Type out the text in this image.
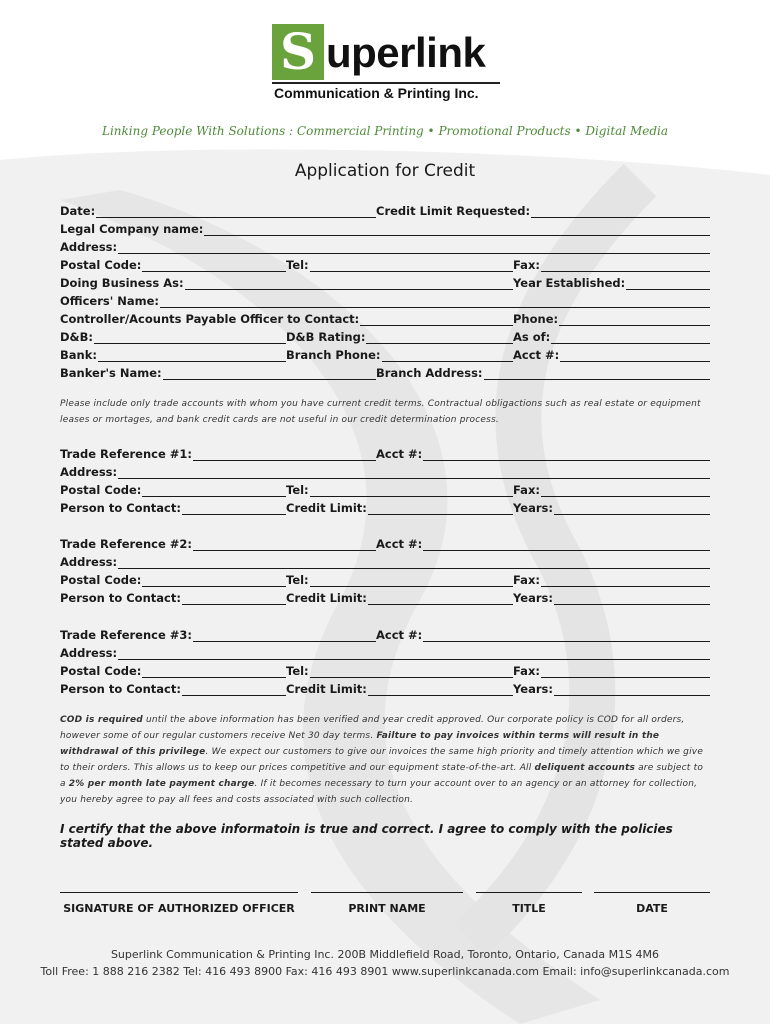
S uperlink
Communication & Printing Inc.
Linking People With Solutions : Commercial Printing • Promotional Products • Digital Media
Application for Credit
Date:	Credit Limit Requested:
Legal Company name:
Address:
Postal Code:	Tel:	Fax:
Doing Business As:	Year Established:
Officers' Name:
Controller/Acounts Payable Officer to Contact:	Phone:
D&B:	D&B Rating:	As of:
Bank:	Branch Phone:	Acct #:
Banker's Name:	Branch Address:
Please include only trade accounts with whom you have current credit terms. Contractual obligactions such as real estate or equipment leases or mortages, and bank credit cards are not useful in our credit determination process.
Trade Reference #1:	Acct #:
Address:
Postal Code:	Tel:	Fax:
Person to Contact:	Credit Limit:	Years:
Trade Reference #2:	Acct #:
Address:
Postal Code:	Tel:	Fax:
Person to Contact:	Credit Limit:	Years:
Trade Reference #3:	Acct #:
Address:
Postal Code:	Tel:	Fax:
Person to Contact:	Credit Limit:	Years:
COD is required until the above information has been verified and year credit approved. Our corporate policy is COD for all orders, however some of our regular customers receive Net 30 day terms. Failture to pay invoices within terms will result in the withdrawal of this privilege. We expect our customers to give our invoices the same high priority and timely attention which we give to their orders. This allows us to keep our prices competitive and our equipment state-of-the-art. All deliquent accounts are subject to a 2% per month late payment charge. If it becomes necessary to turn your account over to an agency or an attorney for collection, you hereby agree to pay all fees and costs associated with such collection.
I certify that the above informatoin is true and correct. I agree to comply with the policies stated above.
SIGNATURE OF AUTHORIZED OFFICER	PRINT NAME	TITLE	DATE
Superlink Communication & Printing Inc. 200B Middlefield Road, Toronto, Ontario, Canada M1S 4M6
Toll Free: 1 888 216 2382 Tel: 416 493 8900 Fax: 416 493 8901 www.superlinkcanada.com Email: info@superlinkcanada.com
